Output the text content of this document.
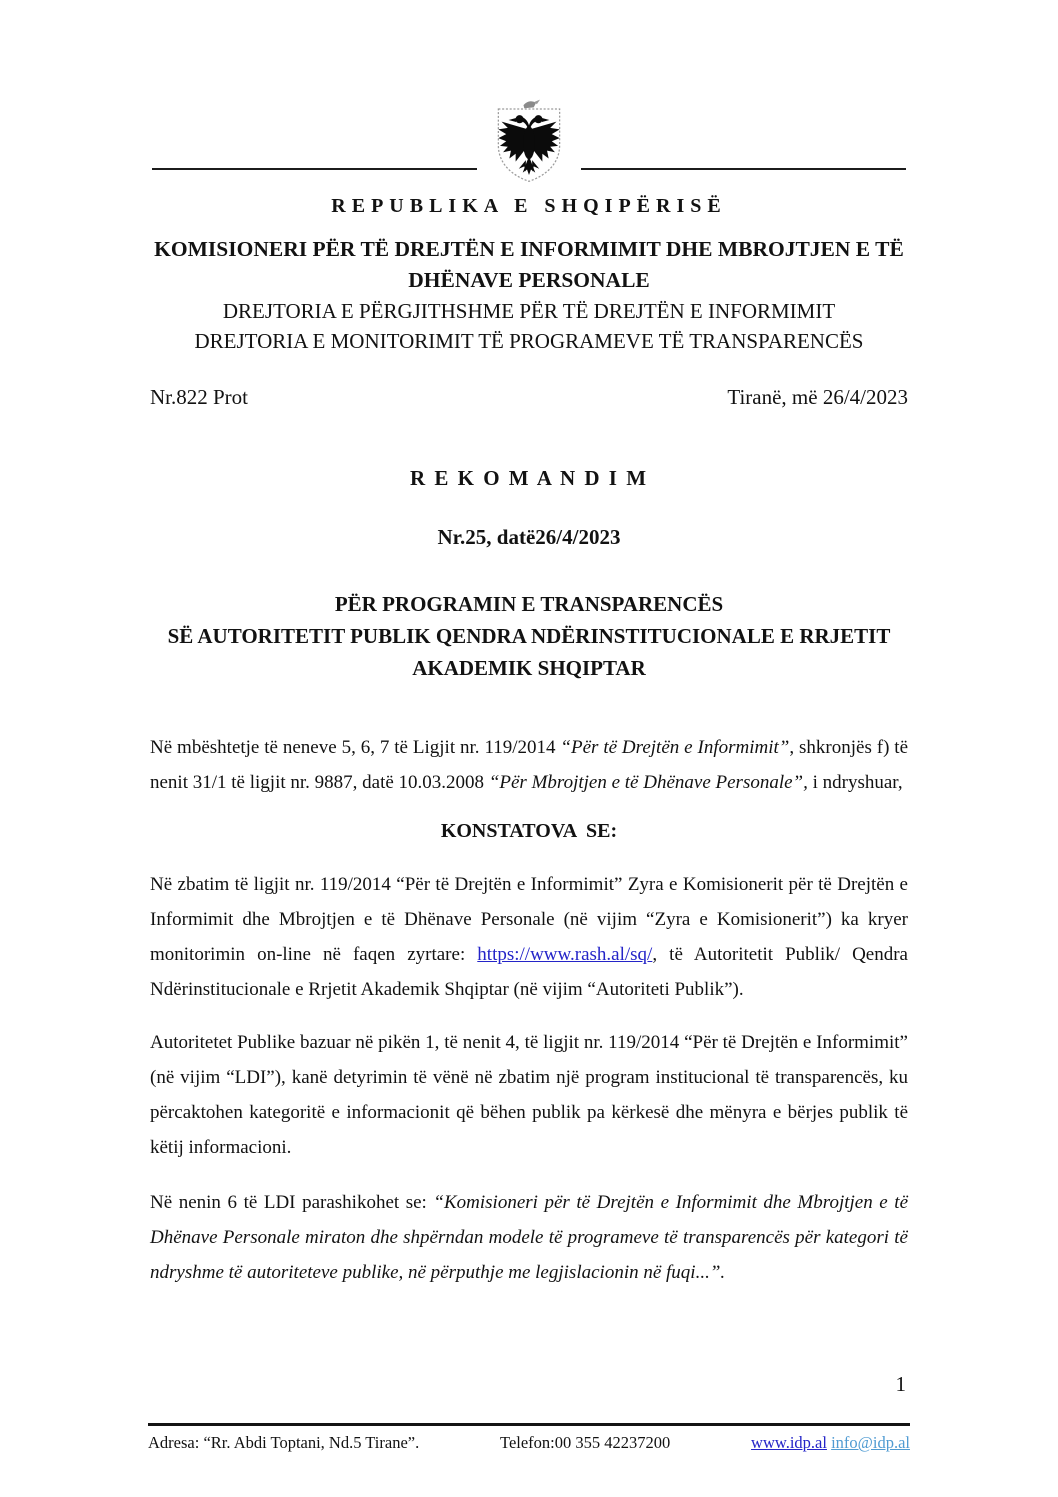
REPUBLIKA E SHQIPËRISË
KOMISIONERI PËR TË DREJTËN E INFORMIMIT DHE MBROJTJEN E TË
DHËNAVE PERSONALE
DREJTORIA E PËRGJITHSHME PËR TË DREJTËN E INFORMIMIT
DREJTORIA E MONITORIMIT TË PROGRAMEVE TË TRANSPARENCËS
Nr.822 Prot	Tiranë, më 26/4/2023
R E K O M A N D I M
Nr.25, datë26/4/2023
PËR PROGRAMIN E TRANSPARENCËS
SË AUTORITETIT PUBLIK QENDRA NDËRINSTITUCIONALE E RRJETIT
AKADEMIK SHQIPTAR

Në mbështetje të neneve 5, 6, 7 të Ligjit nr. 119/2014 “Për të Drejtën e Informimit”, shkronjës f) të nenit 31/1 të ligjit nr. 9887, datë 10.03.2008 “Për Mbrojtjen e të Dhënave Personale”, i ndryshuar,

KONSTATOVA  SE:

Në zbatim të ligjit nr. 119/2014 “Për të Drejtën e Informimit” Zyra e Komisionerit për të Drejtën e Informimit dhe Mbrojtjen e të Dhënave Personale (në vijim “Zyra e Komisionerit”) ka kryer monitorimin on-line në faqen zyrtare: https://www.rash.al/sq/, të Autoritetit Publik/ Qendra Ndërinstitucionale e Rrjetit Akademik Shqiptar (në vijim “Autoriteti Publik”).

Autoritetet Publike bazuar në pikën 1, të nenit 4, të ligjit nr. 119/2014 “Për të Drejtën e Informimit” (në vijim “LDI”), kanë detyrimin të vënë në zbatim një program institucional të transparencës, ku përcaktohen kategoritë e informacionit që bëhen publik pa kërkesë dhe mënyra e bërjes publik të këtij informacioni.

Në nenin 6 të LDI parashikohet se: “Komisioneri për të Drejtën e Informimit dhe Mbrojtjen e të Dhënave Personale miraton dhe shpërndan modele të programeve të transparencës për kategori të ndryshme të autoriteteve publike, në përputhje me legjislacionin në fuqi...”.

1
Adresa: “Rr. Abdi Toptani, Nd.5 Tirane”.	Telefon:00 355 42237200	www.idp.al info@idp.al
